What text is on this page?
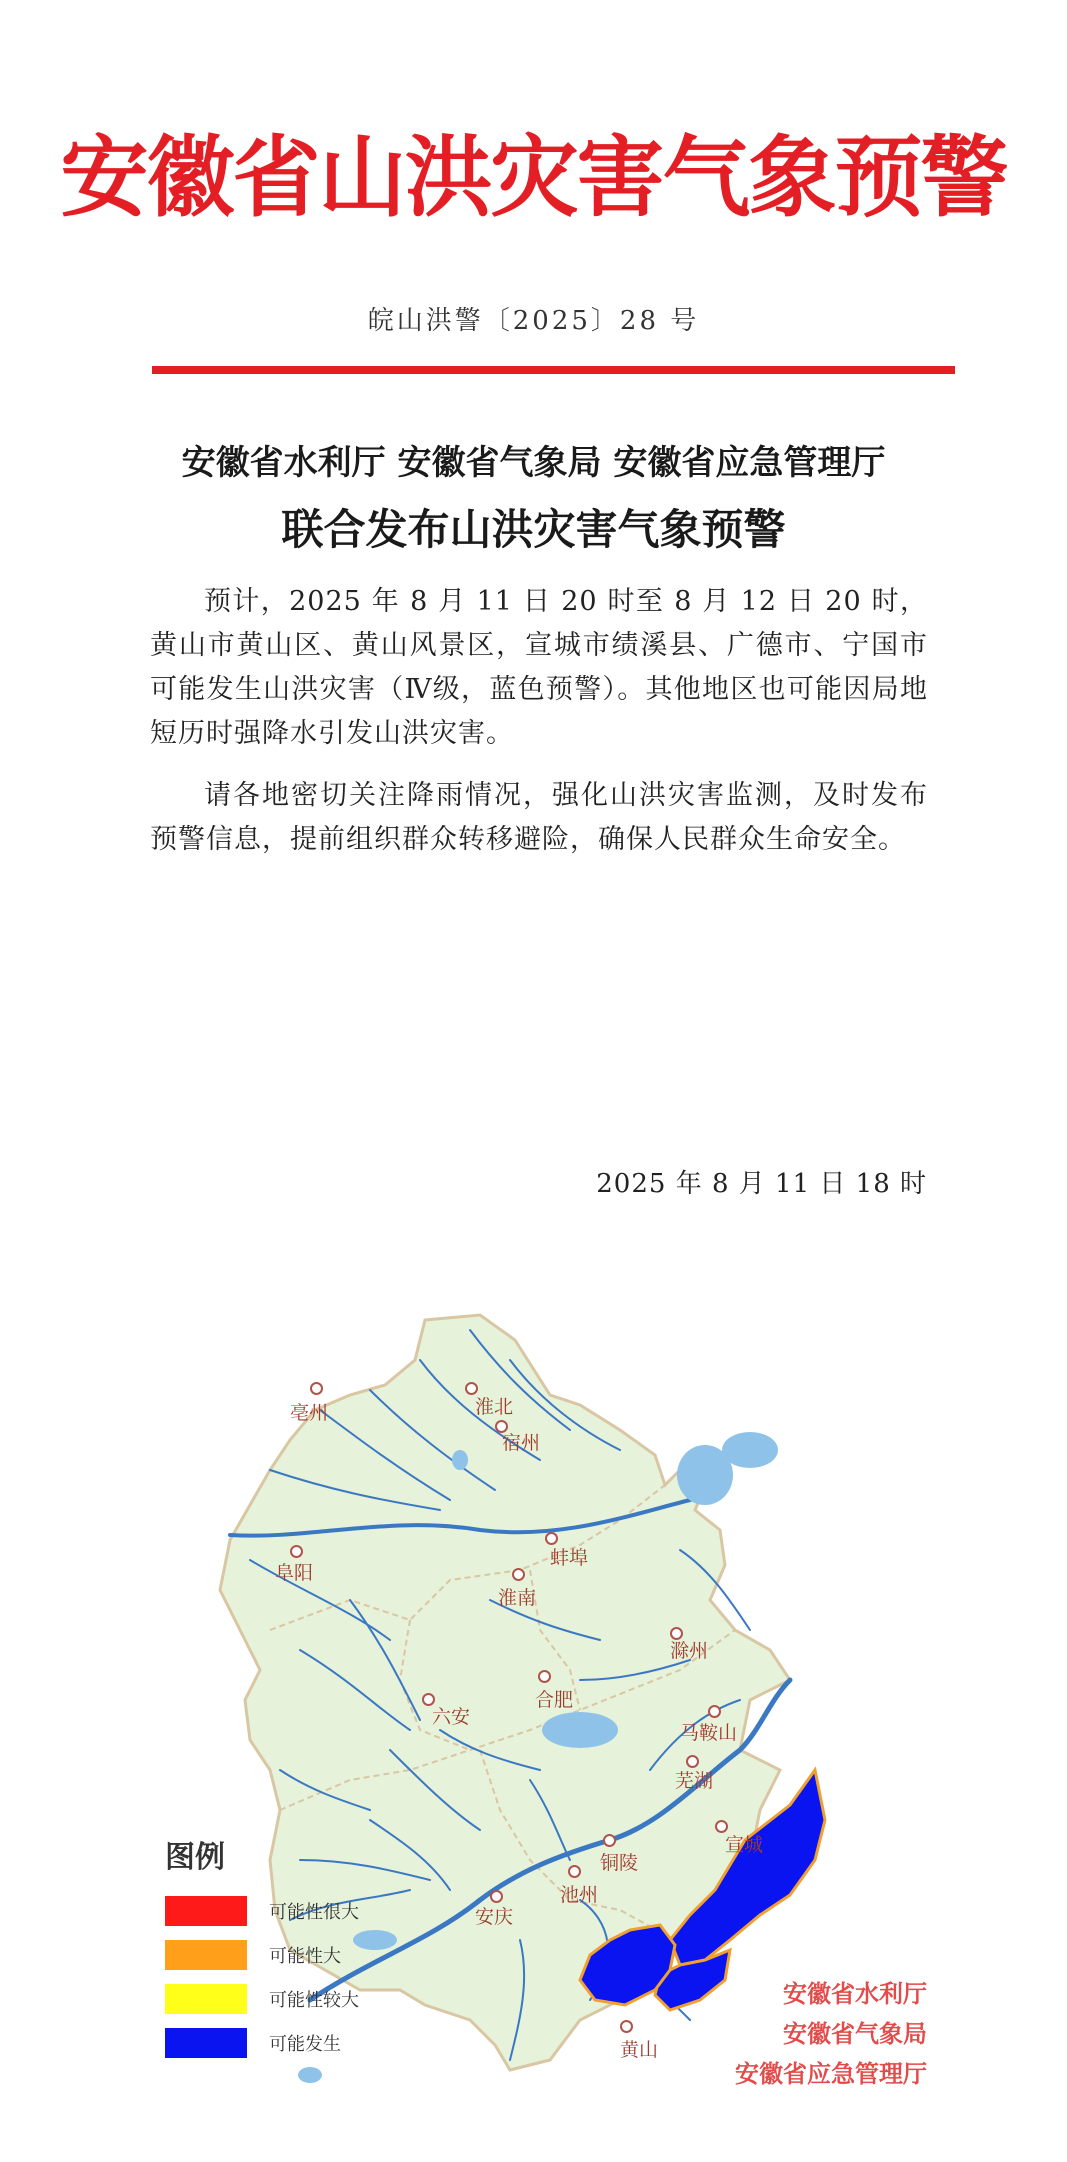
安徽省山洪灾害气象预警
皖山洪警〔2025〕28 号
安徽省水利厅 安徽省气象局 安徽省应急管理厅
联合发布山洪灾害气象预警

预计，2025 年 8 月 11 日 20 时至 8 月 12 日 20 时，黄山市黄山区、黄山风景区，宣城市绩溪县、广德市、宁国市可能发生山洪灾害（Ⅳ级，蓝色预警）。其他地区也可能因局地短历时强降水引发山洪灾害。

请各地密切关注降雨情况，强化山洪灾害监测，及时发布预警信息，提前组织群众转移避险，确保人民群众生命安全。

2025 年 8 月 11 日 18 时
亳州	淮北
宿州
阜阳
蚌埠
淮南
滁州
合肥
六安
马鞍山
芜湖
铜陵
宣城
池州
安庆
黄山
图例
可能性很大
可能性大
可能性较大
可能发生
安徽省水利厅
安徽省气象局
安徽省应急管理厅
